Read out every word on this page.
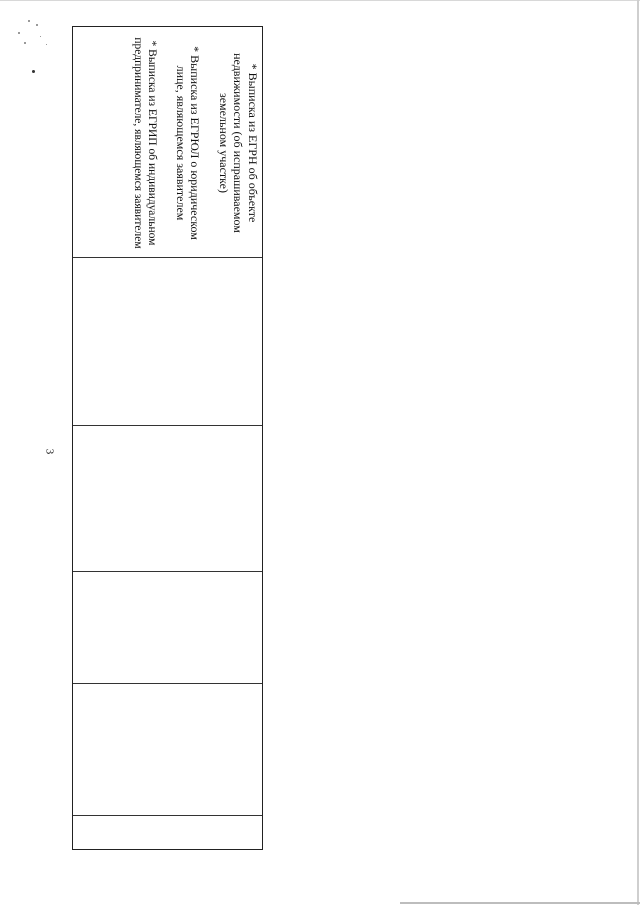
3

* Выписка из ЕГРН об объекте недвижимости (об испрашиваемом земельном участке)

* Выписка из ЕГРЮЛ о юридическом лице, являющемся заявителем

* Выписка из ЕГРИП об индивидуальном предпринимателе, являющемся заявителем
